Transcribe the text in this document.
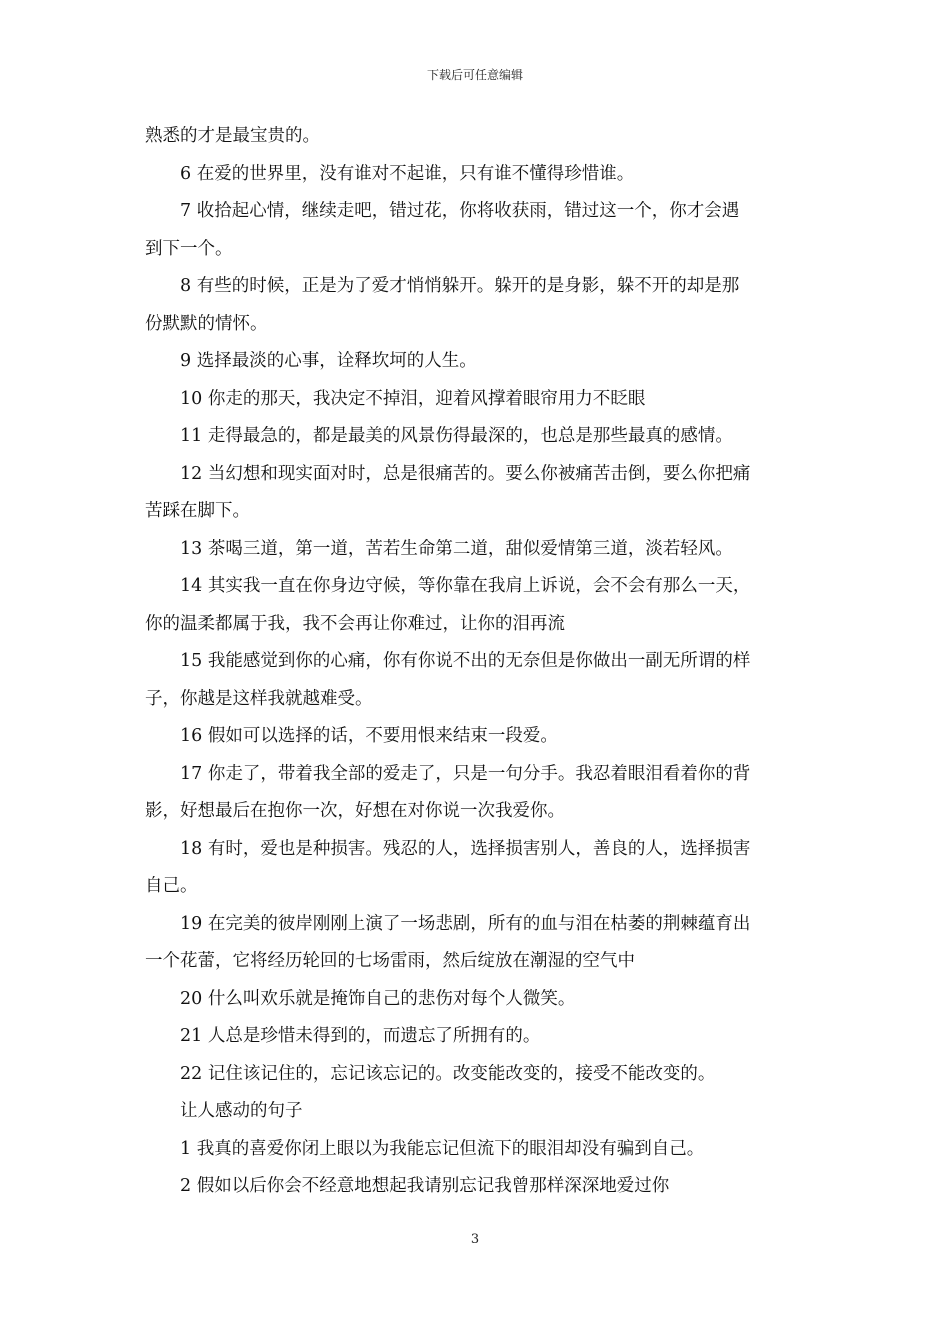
下载后可任意编辑
熟悉的才是最宝贵的。
6 在爱的世界里，没有谁对不起谁，只有谁不懂得珍惜谁。
7 收拾起心情，继续走吧，错过花，你将收获雨，错过这一个，你才会遇
到下一个。
8 有些的时候，正是为了爱才悄悄躲开。躲开的是身影，躲不开的却是那
份默默的情怀。
9 选择最淡的心事，诠释坎坷的人生。
10 你走的那天，我决定不掉泪，迎着风撑着眼帘用力不眨眼
11 走得最急的，都是最美的风景伤得最深的，也总是那些最真的感情。
12 当幻想和现实面对时，总是很痛苦的。要么你被痛苦击倒，要么你把痛
苦踩在脚下。
13 茶喝三道，第一道，苦若生命第二道，甜似爱情第三道，淡若轻风。
14 其实我一直在你身边守候，等你靠在我肩上诉说，会不会有那么一天，
你的温柔都属于我，我不会再让你难过，让你的泪再流
15 我能感觉到你的心痛，你有你说不出的无奈但是你做出一副无所谓的样
子，你越是这样我就越难受。
16 假如可以选择的话，不要用恨来结束一段爱。
17 你走了，带着我全部的爱走了，只是一句分手。我忍着眼泪看着你的背
影，好想最后在抱你一次，好想在对你说一次我爱你。
18 有时，爱也是种损害。残忍的人，选择损害别人，善良的人，选择损害
自己。
19 在完美的彼岸刚刚上演了一场悲剧，所有的血与泪在枯萎的荆棘蕴育出
一个花蕾，它将经历轮回的七场雷雨，然后绽放在潮湿的空气中
20 什么叫欢乐就是掩饰自己的悲伤对每个人微笑。
21 人总是珍惜未得到的，而遗忘了所拥有的。
22 记住该记住的，忘记该忘记的。改变能改变的，接受不能改变的。
让人感动的句子
1 我真的喜爱你闭上眼以为我能忘记但流下的眼泪却没有骗到自己。
2 假如以后你会不经意地想起我请别忘记我曾那样深深地爱过你
3
